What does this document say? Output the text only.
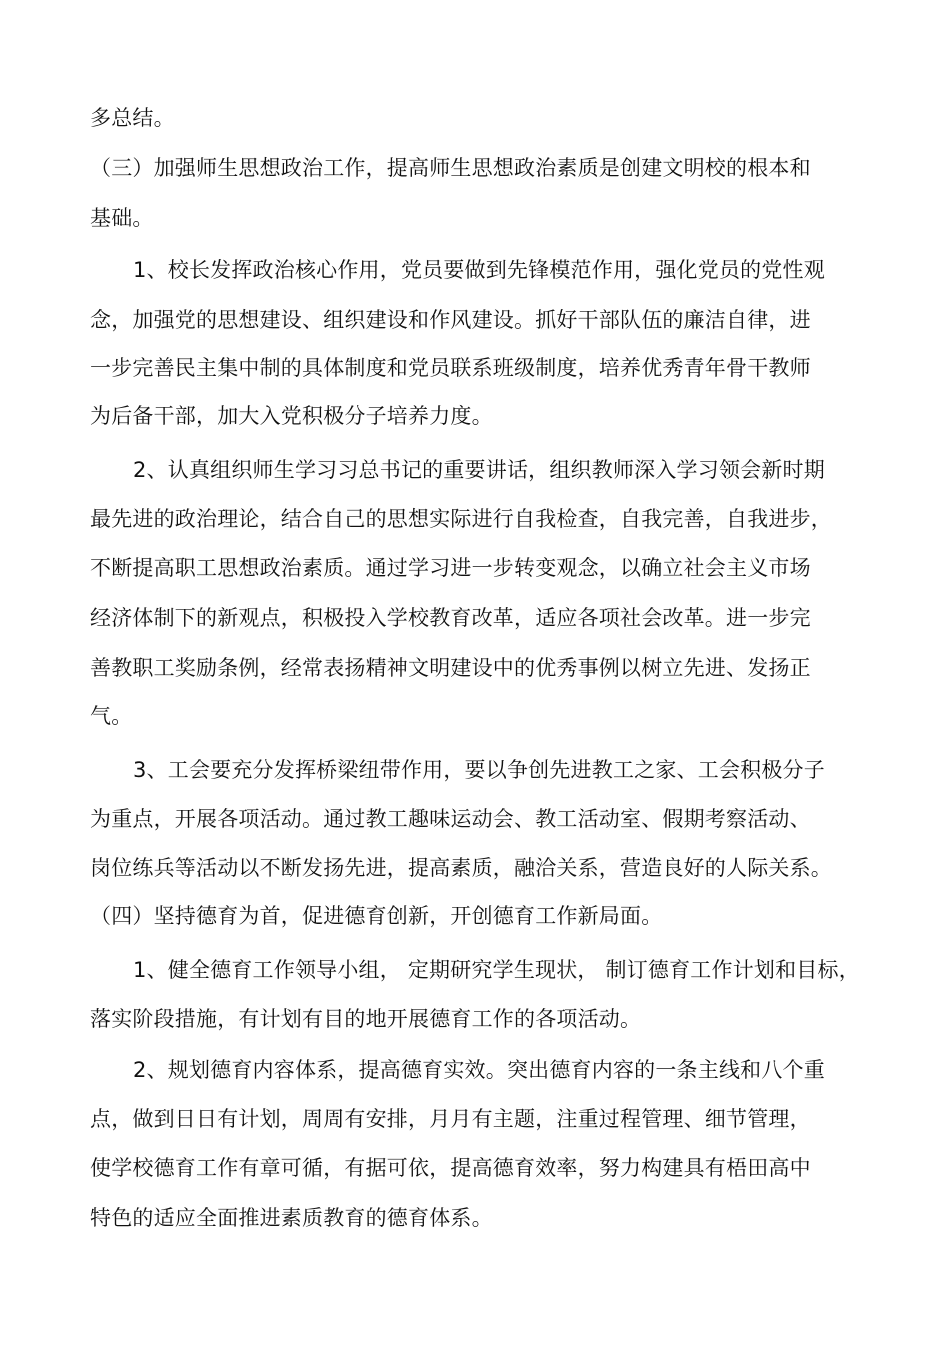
多总结。
（三）加强师生思想政治工作，提高师生思想政治素质是创建文明校的根本和
基础。
1、校长发挥政治核心作用，党员要做到先锋模范作用，强化党员的党性观
念，加强党的思想建设、组织建设和作风建设。抓好干部队伍的廉洁自律，进
一步完善民主集中制的具体制度和党员联系班级制度，培养优秀青年骨干教师
为后备干部，加大入党积极分子培养力度。
2、认真组织师生学习习总书记的重要讲话，组织教师深入学习领会新时期
最先进的政治理论，结合自己的思想实际进行自我检查，自我完善，自我进步，
不断提高职工思想政治素质。通过学习进一步转变观念，以确立社会主义市场
经济体制下的新观点，积极投入学校教育改革，适应各项社会改革。进一步完
善教职工奖励条例，经常表扬精神文明建设中的优秀事例以树立先进、发扬正
气。
3、工会要充分发挥桥梁纽带作用，要以争创先进教工之家、工会积极分子
为重点，开展各项活动。通过教工趣味运动会、教工活动室、假期考察活动、
岗位练兵等活动以不断发扬先进，提高素质，融洽关系，营造良好的人际关系。
（四）坚持德育为首，促进德育创新，开创德育工作新局面。
1、健全德育工作领导小组， 定期研究学生现状， 制订德育工作计划和目标，
落实阶段措施，有计划有目的地开展德育工作的各项活动。
2、规划德育内容体系，提高德育实效。突出德育内容的一条主线和八个重
点，做到日日有计划，周周有安排，月月有主题，注重过程管理、细节管理，
使学校德育工作有章可循，有据可依，提高德育效率，努力构建具有梧田高中
特色的适应全面推进素质教育的德育体系。
